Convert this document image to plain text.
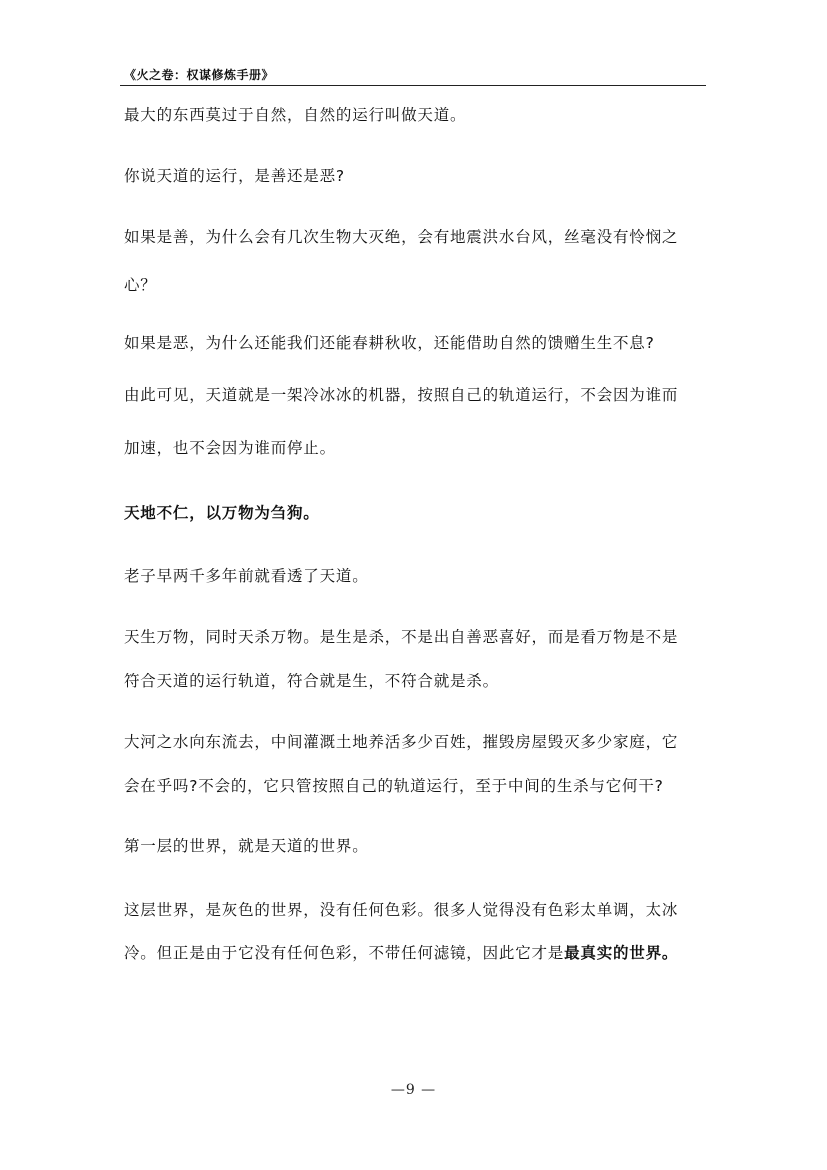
《火之卷：权谋修炼手册》
最大的东西莫过于自然，自然的运行叫做天道。
你说天道的运行，是善还是恶?
如果是善，为什么会有几次生物大灭绝，会有地震洪水台风，丝毫没有怜悯之
心？
如果是恶，为什么还能我们还能春耕秋收，还能借助自然的馈赠生生不息?
由此可见，天道就是一架冷冰冰的机器，按照自己的轨道运行，不会因为谁而
加速，也不会因为谁而停止。
天地不仁，以万物为刍狗。
老子早两千多年前就看透了天道。
天生万物，同时天杀万物。是生是杀，不是出自善恶喜好，而是看万物是不是
符合天道的运行轨道，符合就是生，不符合就是杀。
大河之水向东流去，中间灌溉土地养活多少百姓，摧毁房屋毁灭多少家庭，它
会在乎吗?不会的，它只管按照自己的轨道运行，至于中间的生杀与它何干?
第一层的世界，就是天道的世界。
这层世界，是灰色的世界，没有任何色彩。很多人觉得没有色彩太单调，太冰
冷。但正是由于它没有任何色彩，不带任何滤镜，因此它才是最真实的世界。
—9 —
